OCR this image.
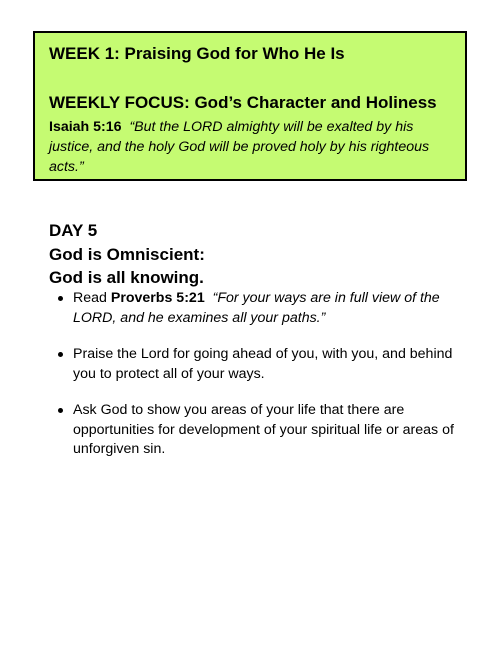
WEEK 1: Praising God for Who He Is
WEEKLY FOCUS: God’s Character and Holiness
Isaiah 5:16 “But the LORD almighty will be exalted by his justice, and the holy God will be proved holy by his righteous acts.”
DAY 5
God is Omniscient:
God is all knowing.
Read Proverbs 5:21 “For your ways are in full view of the LORD, and he examines all your paths.”
Praise the Lord for going ahead of you, with you, and behind you to protect all of your ways.
Ask God to show you areas of your life that there are opportunities for development of your spiritual life or areas of unforgiven sin.
